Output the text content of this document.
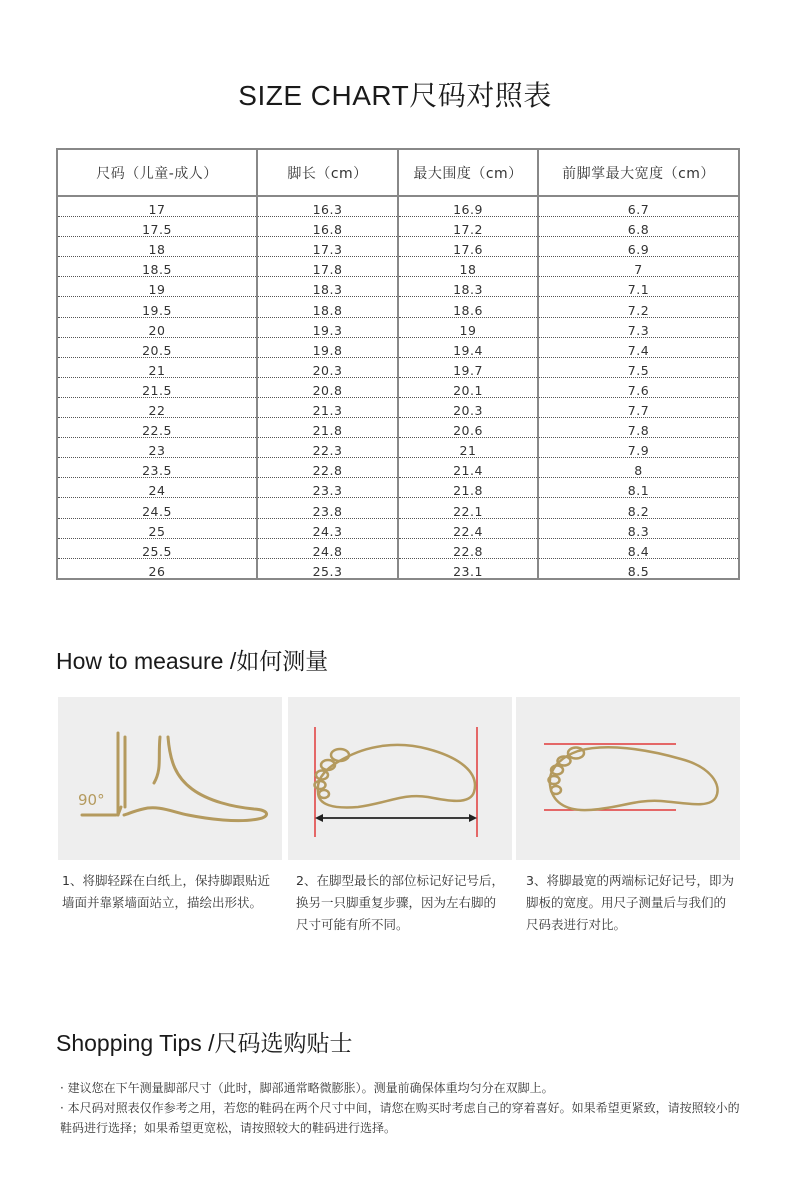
SIZE CHART尺码对照表
尺码（儿童-成人）	脚长（cm）	最大围度（cm）	前脚掌最大宽度（cm）
17	16.3	16.9	6.7
17.5	16.8	17.2	6.8
18	17.3	17.6	6.9
18.5	17.8	18	7
19	18.3	18.3	7.1
19.5	18.8	18.6	7.2
20	19.3	19	7.3
20.5	19.8	19.4	7.4
21	20.3	19.7	7.5
21.5	20.8	20.1	7.6
22	21.3	20.3	7.7
22.5	21.8	20.6	7.8
23	22.3	21	7.9
23.5	22.8	21.4	8
24	23.3	21.8	8.1
24.5	23.8	22.1	8.2
25	24.3	22.4	8.3
25.5	24.8	22.8	8.4
26	25.3	23.1	8.5
How to measure /如何测量
90°
1、将脚轻踩在白纸上，保持脚跟贴近墙面并靠紧墙面站立，描绘出形状。
2、在脚型最长的部位标记好记号后，换另一只脚重复步骤，因为左右脚的尺寸可能有所不同。
3、将脚最宽的两端标记好记号，即为脚板的宽度。用尺子测量后与我们的尺码表进行对比。
Shopping Tips /尺码选购贴士

· 建议您在下午测量脚部尺寸（此时，脚部通常略微膨胀）。测量前确保体重均匀分在双脚上。

· 本尺码对照表仅作参考之用，若您的鞋码在两个尺寸中间，请您在购买时考虑自己的穿着喜好。如果希望更紧致，请按照较小的鞋码进行选择；如果希望更宽松，请按照较大的鞋码进行选择。
